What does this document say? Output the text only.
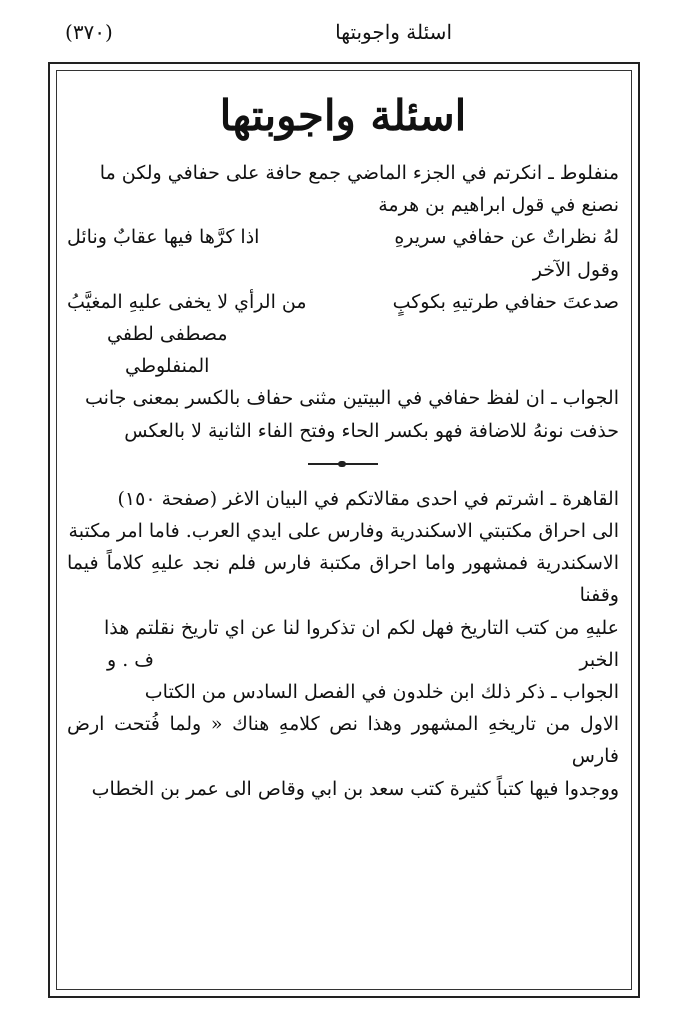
اسئلة واجوبتها
(٣٧٠)
اسئلة واجوبتها

منفلوط ـ انكرتم في الجزء الماضي جمع حافة على حفافي ولكن ما

نصنع في قول ابراهيم بن هرمة

لهُ نظراتٌ عن حفافي سريرهِ
اذا كرَّها فيها عقابٌ ونائل

وقول الآخر

صدعتَ حفافي طرتيهِ بكوكبٍ
من الرأي لا يخفى عليهِ المغيَّبُ

مصطفى لطفي

المنفلوطي

الجواب ـ ان لفظ حفافي في البيتين مثنى حفاف بالكسر بمعنى جانب

حذفت نونهُ للاضافة فهو بكسر الحاء وفتح الفاء الثانية لا بالعكس

القاهرة ـ اشرتم في احدى مقالاتكم في البيان الاغر (صفحة ١٥٠)

الى احراق مكتبتي الاسكندرية وفارس على ايدي العرب. فاما امر مكتبة

الاسكندرية فمشهور واما احراق مكتبة فارس فلم نجد عليهِ كلاماً فيما وقفنا

عليهِ من كتب التاريخ فهل لكم ان تذكروا لنا عن اي تاريخ نقلتم هذا

الخبر
ف . و

الجواب ـ ذكر ذلك ابن خلدون في الفصل السادس من الكتاب

الاول من تاريخهِ المشهور وهذا نص كلامهِ هناك « ولما فُتحت ارض فارس

ووجدوا فيها كتباً كثيرة كتب سعد بن ابي وقاص الى عمر بن الخطاب
